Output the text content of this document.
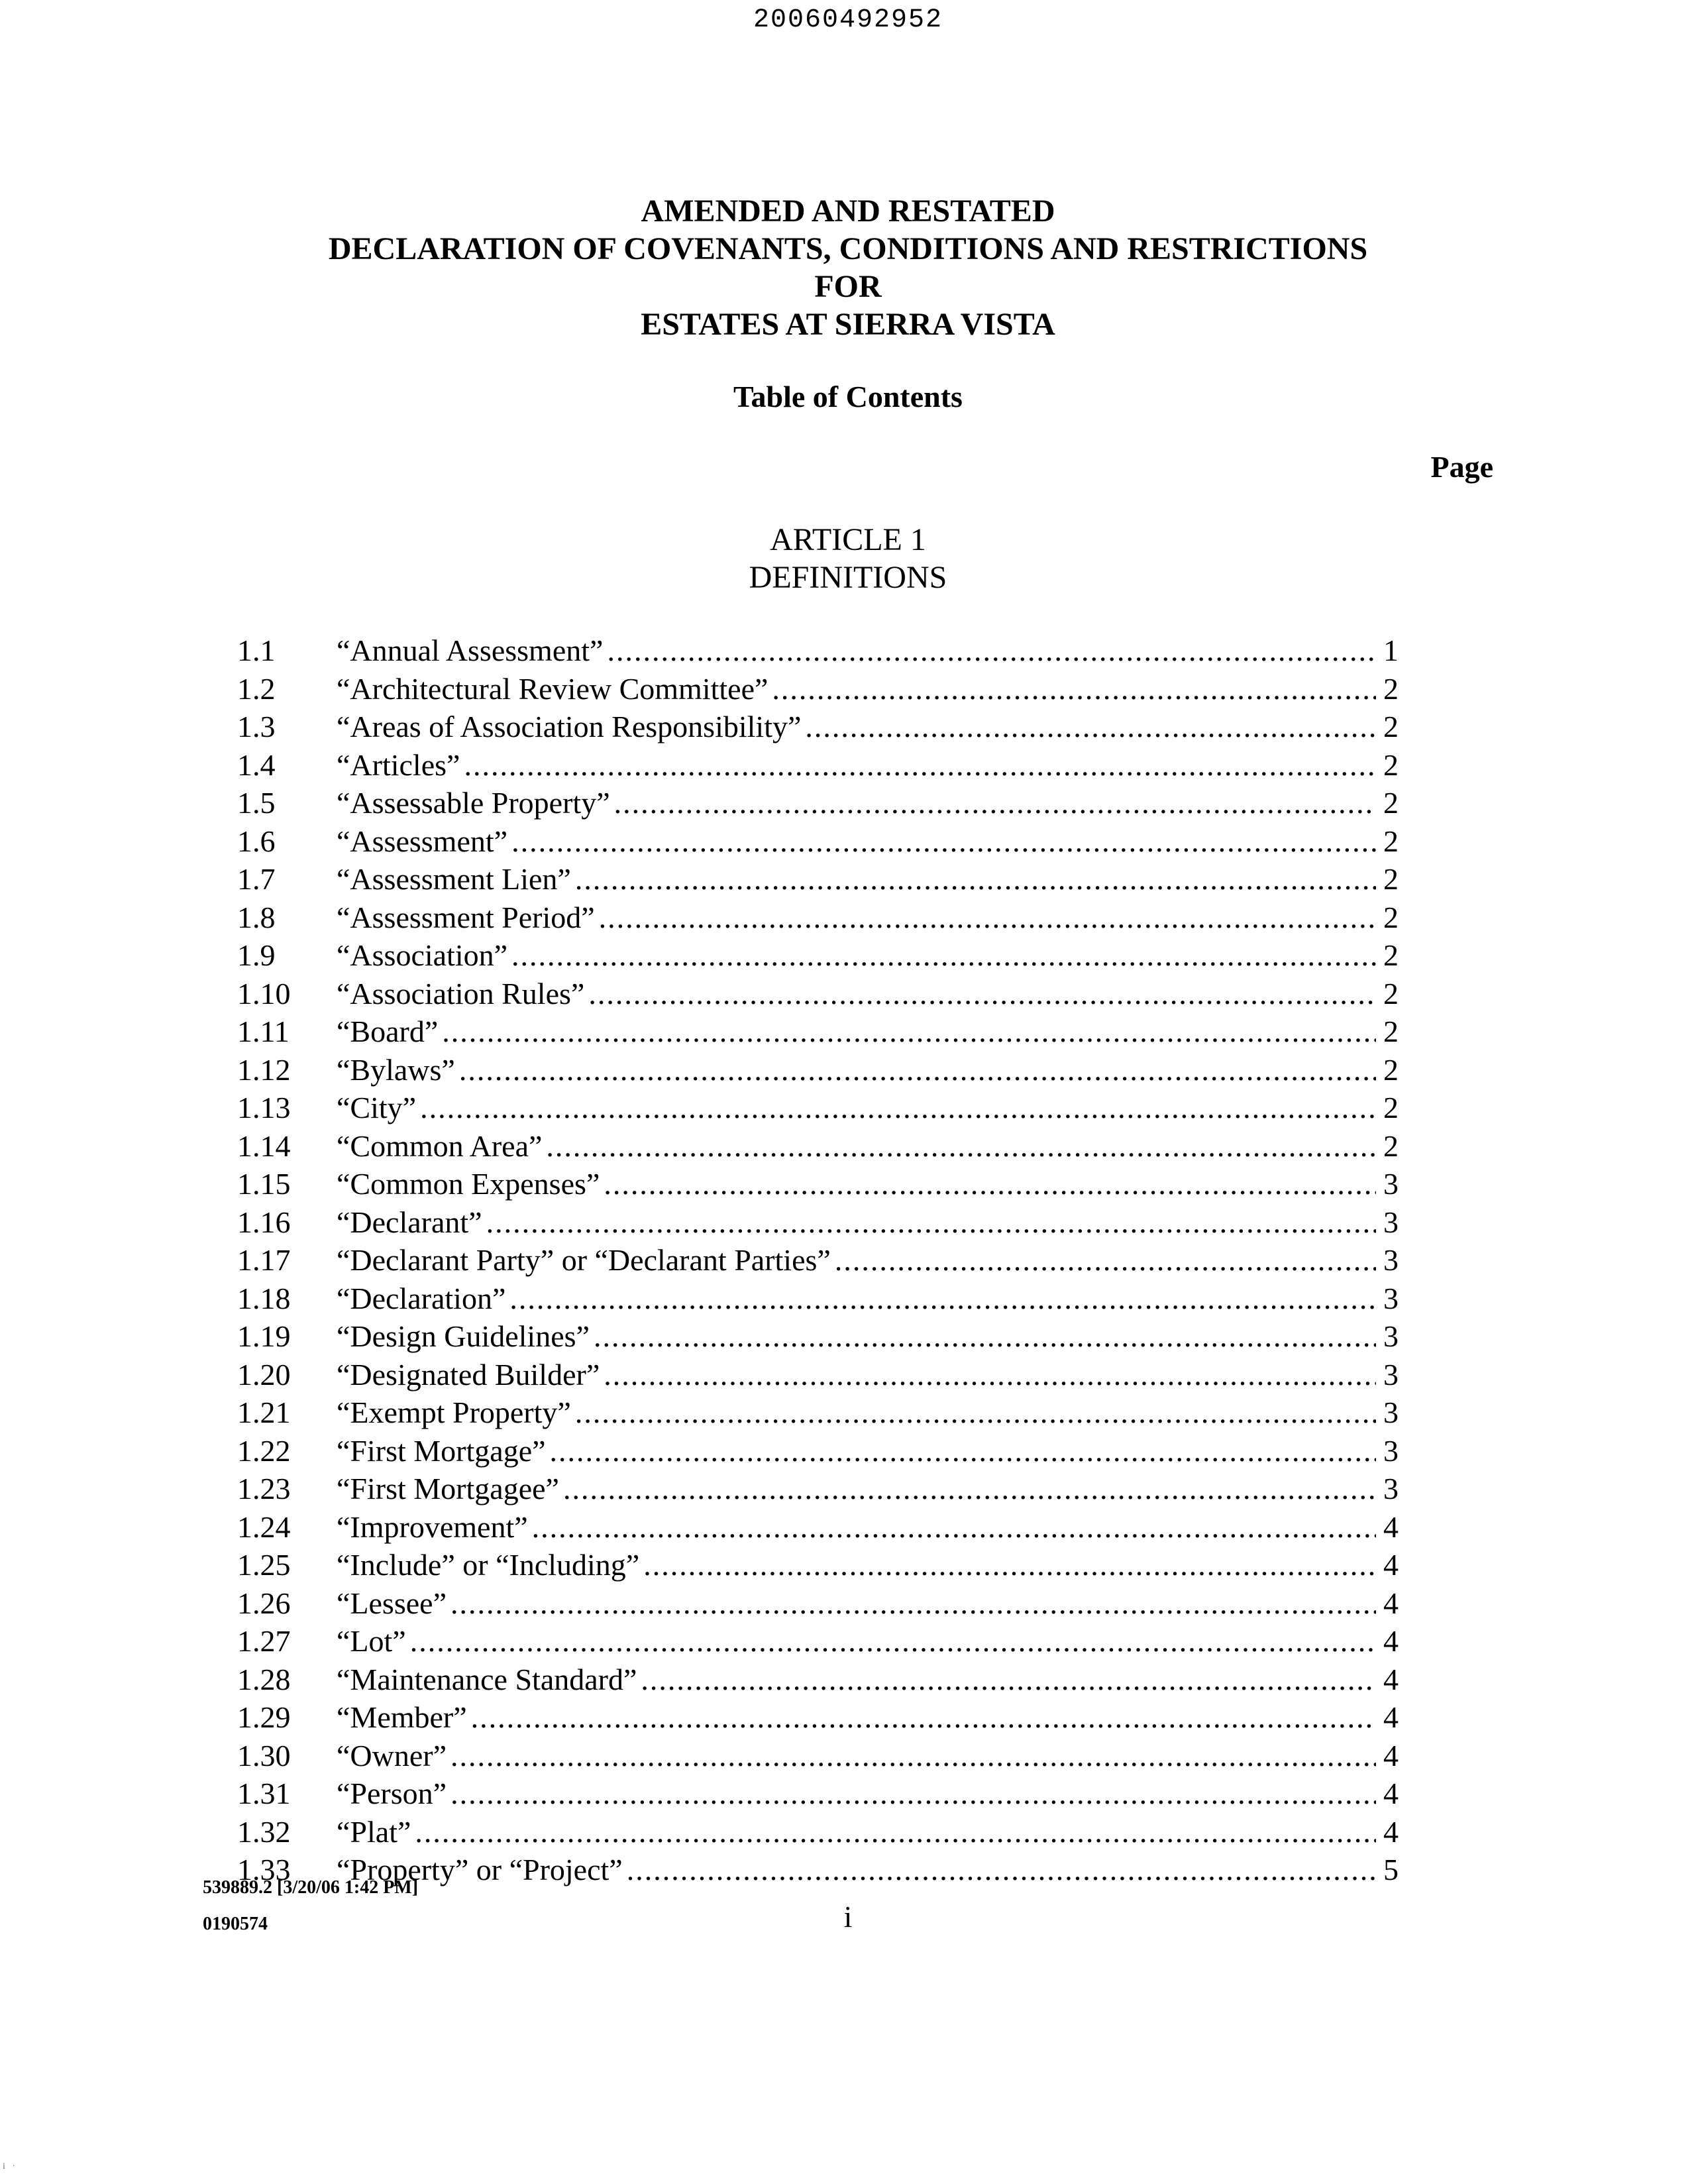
20060492952
AMENDED AND RESTATED
DECLARATION OF COVENANTS, CONDITIONS AND RESTRICTIONS
FOR
ESTATES AT SIERRA VISTA
Table of Contents
Page
ARTICLE 1
DEFINITIONS
1.1	“Annual Assessment” .....	1
1.2	“Architectural Review Committee” .....	2
1.3	“Areas of Association Responsibility” .....	2
1.4	“Articles” .....	2
1.5	“Assessable Property” .....	2
1.6	“Assessment” .....	2
1.7	“Assessment Lien” .....	2
1.8	“Assessment Period” .....	2
1.9	“Association” .....	2
1.10	“Association Rules” .....	2
1.11	“Board” .....	2
1.12	“Bylaws” .....	2
1.13	“City” .....	2
1.14	“Common Area” .....	2
1.15	“Common Expenses” .....	3
1.16	“Declarant” .....	3
1.17	“Declarant Party” or “Declarant Parties” .....	3
1.18	“Declaration” .....	3
1.19	“Design Guidelines” .....	3
1.20	“Designated Builder” .....	3
1.21	“Exempt Property” .....	3
1.22	“First Mortgage” .....	3
1.23	“First Mortgagee” .....	3
1.24	“Improvement” .....	4
1.25	“Include” or “Including” .....	4
1.26	“Lessee” .....	4
1.27	“Lot” .....	4
1.28	“Maintenance Standard” .....	4
1.29	“Member” .....	4
1.30	“Owner” .....	4
1.31	“Person” .....	4
1.32	“Plat” .....	4
1.33	“Property” or “Project” .....	5
539889.2 [3/20/06 1:42 PM]
0190574	i
i   ·
